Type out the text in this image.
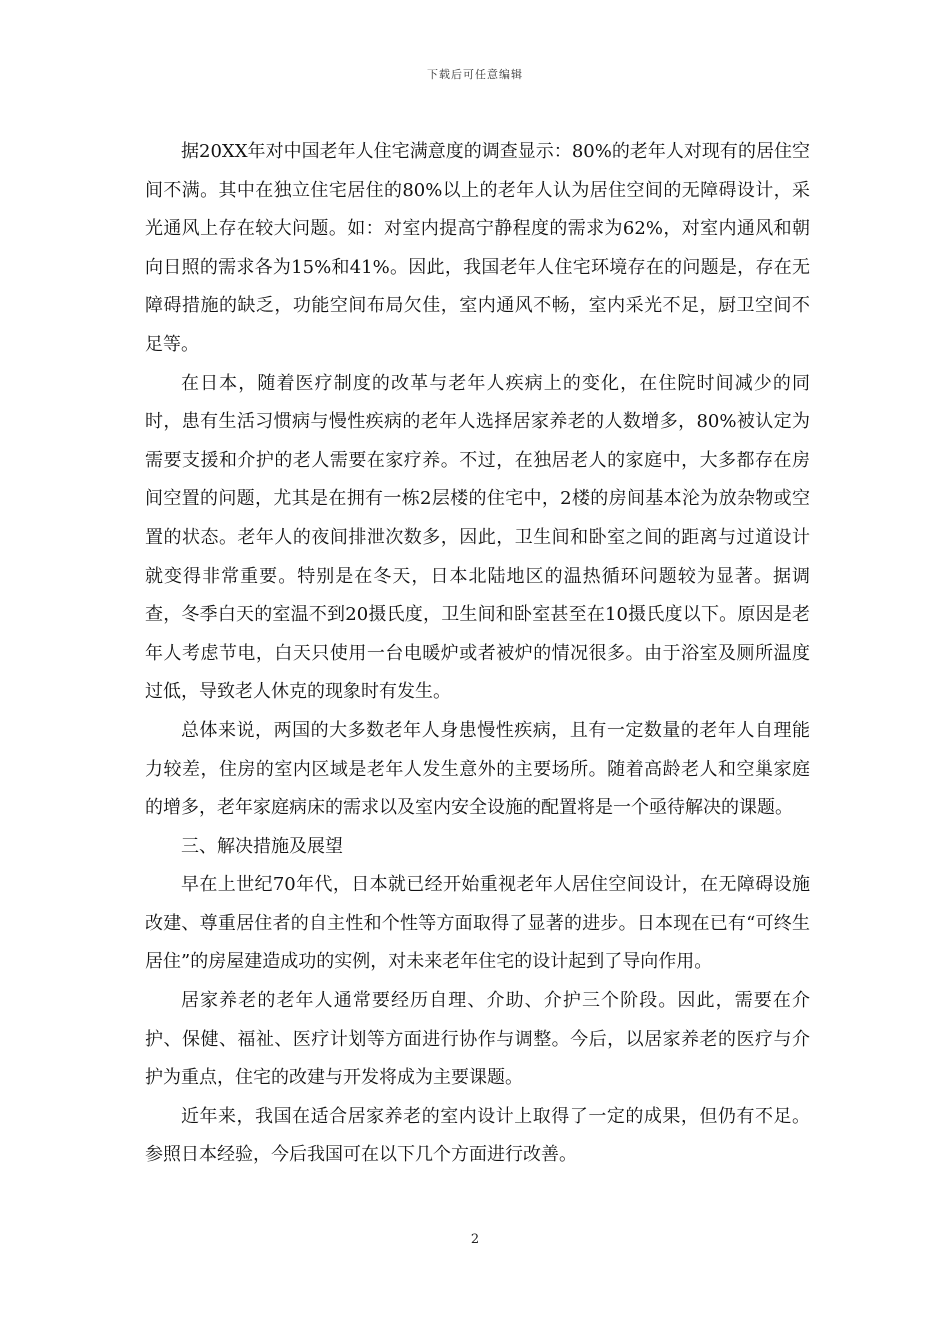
下载后可任意编辑

据20XX年对中国老年人住宅满意度的调查显示：80%的老年人对现有的居住空间不满。其中在独立住宅居住的80%以上的老年人认为居住空间的无障碍设计，采光通风上存在较大问题。如：对室内提高宁静程度的需求为62%，对室内通风和朝向日照的需求各为15%和41%。因此，我国老年人住宅环境存在的问题是，存在无障碍措施的缺乏，功能空间布局欠佳，室内通风不畅，室内采光不足，厨卫空间不足等。

在日本，随着医疗制度的改革与老年人疾病上的变化，在住院时间减少的同时，患有生活习惯病与慢性疾病的老年人选择居家养老的人数增多，80%被认定为需要支援和介护的老人需要在家疗养。不过，在独居老人的家庭中，大多都存在房间空置的问题，尤其是在拥有一栋2层楼的住宅中，2楼的房间基本沦为放杂物或空置的状态。老年人的夜间排泄次数多，因此，卫生间和卧室之间的距离与过道设计就变得非常重要。特别是在冬天，日本北陆地区的温热循环问题较为显著。据调查，冬季白天的室温不到20摄氏度，卫生间和卧室甚至在10摄氏度以下。原因是老年人考虑节电，白天只使用一台电暖炉或者被炉的情况很多。由于浴室及厕所温度过低，导致老人休克的现象时有发生。

总体来说，两国的大多数老年人身患慢性疾病，且有一定数量的老年人自理能力较差，住房的室内区域是老年人发生意外的主要场所。随着高龄老人和空巢家庭的增多，老年家庭病床的需求以及室内安全设施的配置将是一个亟待解决的课题。

三、解决措施及展望

早在上世纪70年代，日本就已经开始重视老年人居住空间设计，在无障碍设施改建、尊重居住者的自主性和个性等方面取得了显著的进步。日本现在已有“可终生居住”的房屋建造成功的实例，对未来老年住宅的设计起到了导向作用。

居家养老的老年人通常要经历自理、介助、介护三个阶段。因此，需要在介护、保健、福祉、医疗计划等方面进行协作与调整。今后，以居家养老的医疗与介护为重点，住宅的改建与开发将成为主要课题。

近年来，我国在适合居家养老的室内设计上取得了一定的成果，但仍有不足。参照日本经验，今后我国可在以下几个方面进行改善。

2
